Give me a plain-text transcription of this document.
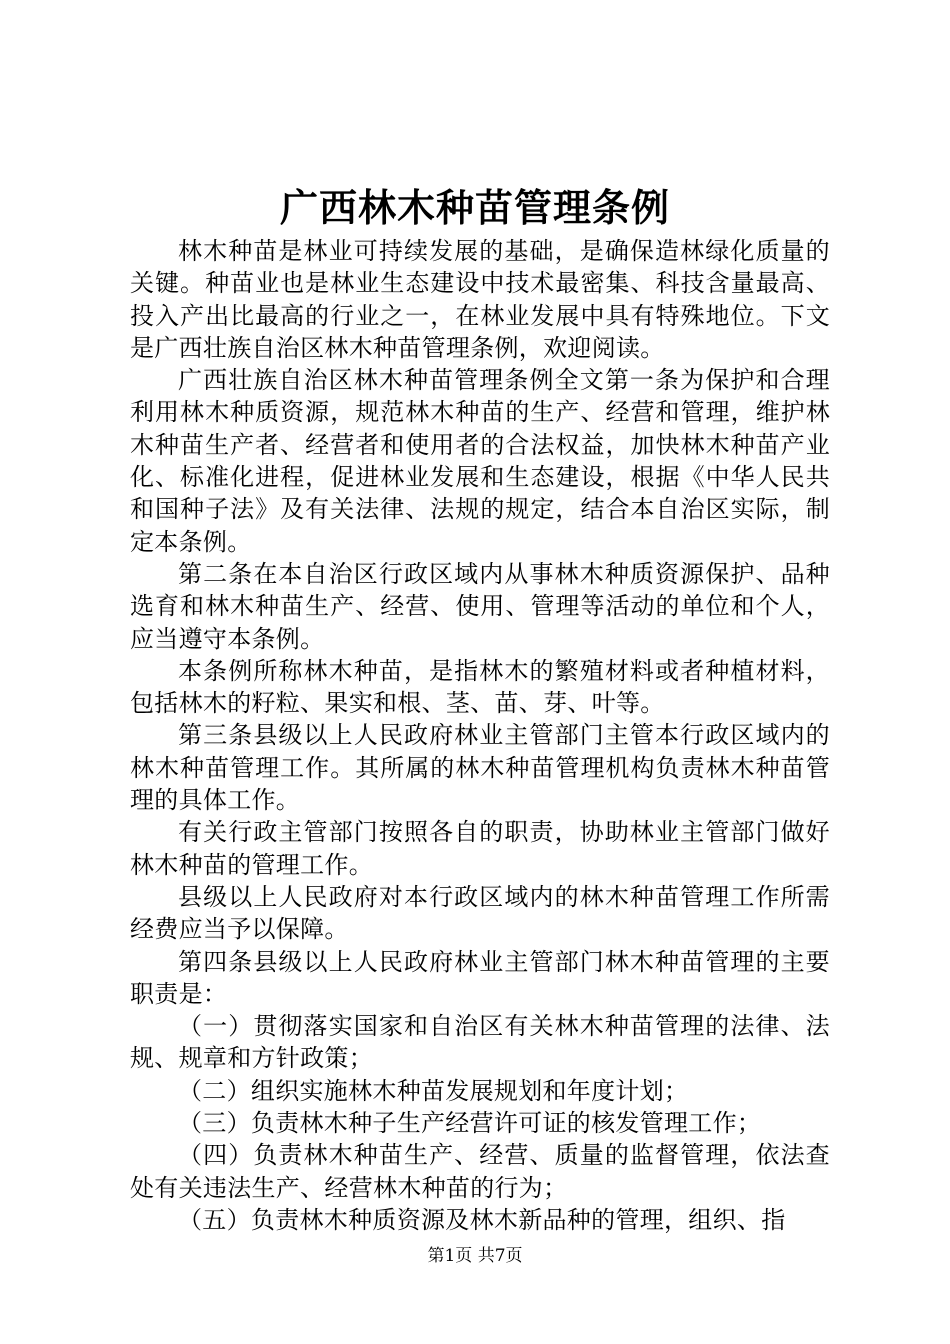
广西林木种苗管理条例

林木种苗是林业可持续发展的基础，是确保造林绿化质量的关键。种苗业也是林业生态建设中技术最密集、科技含量最高、投入产出比最高的行业之一，在林业发展中具有特殊地位。下文是广西壮族自治区林木种苗管理条例，欢迎阅读。

广西壮族自治区林木种苗管理条例全文第一条为保护和合理利用林木种质资源，规范林木种苗的生产、经营和管理，维护林木种苗生产者、经营者和使用者的合法权益，加快林木种苗产业化、标准化进程，促进林业发展和生态建设，根据《中华人民共和国种子法》及有关法律、法规的规定，结合本自治区实际，制定本条例。

第二条在本自治区行政区域内从事林木种质资源保护、品种选育和林木种苗生产、经营、使用、管理等活动的单位和个人，应当遵守本条例。

本条例所称林木种苗，是指林木的繁殖材料或者种植材料，包括林木的籽粒、果实和根、茎、苗、芽、叶等。

第三条县级以上人民政府林业主管部门主管本行政区域内的林木种苗管理工作。其所属的林木种苗管理机构负责林木种苗管理的具体工作。

有关行政主管部门按照各自的职责，协助林业主管部门做好林木种苗的管理工作。

县级以上人民政府对本行政区域内的林木种苗管理工作所需经费应当予以保障。

第四条县级以上人民政府林业主管部门林木种苗管理的主要职责是：

（一）贯彻落实国家和自治区有关林木种苗管理的法律、法规、规章和方针政策；

（二）组织实施林木种苗发展规划和年度计划；

（三）负责林木种子生产经营许可证的核发管理工作；

（四）负责林木种苗生产、经营、质量的监督管理，依法查处有关违法生产、经营林木种苗的行为；

（五）负责林木种质资源及林木新品种的管理，组织、指

第1页 共7页
